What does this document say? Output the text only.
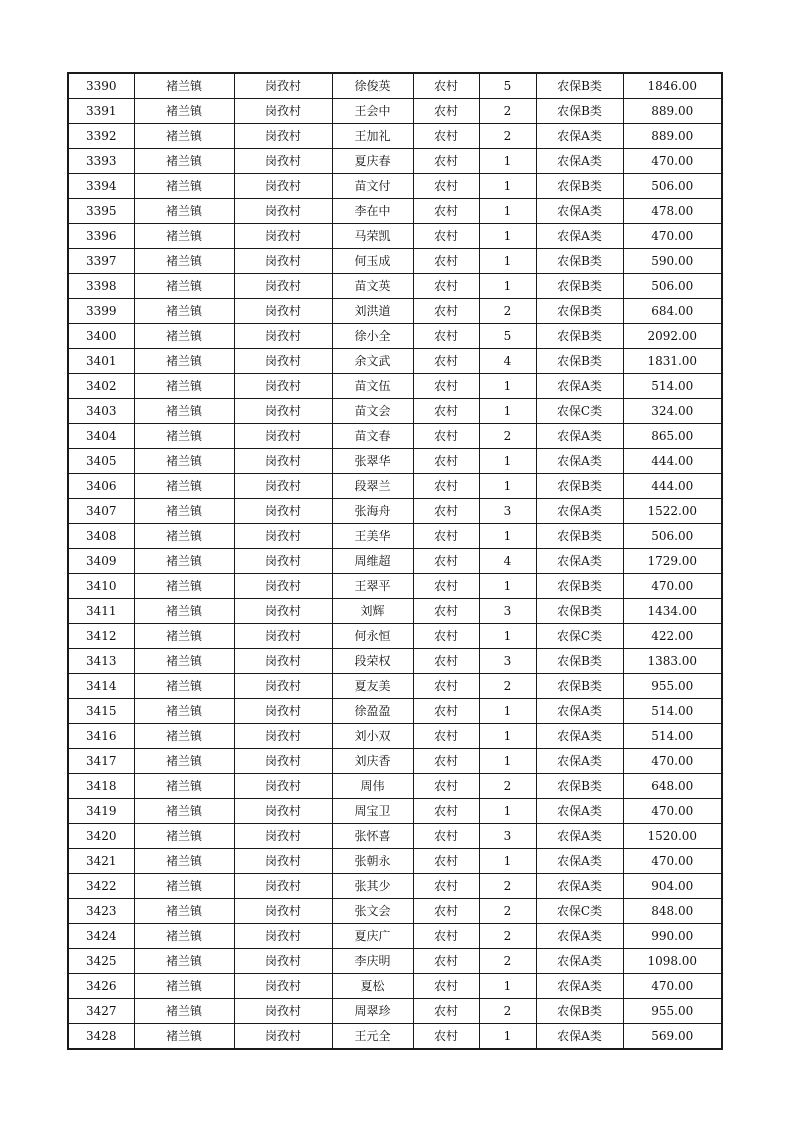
3390	褚兰镇	岗孜村	徐俊英	农村	5	农保B类	1846.00
3391	褚兰镇	岗孜村	王会中	农村	2	农保B类	889.00
3392	褚兰镇	岗孜村	王加礼	农村	2	农保A类	889.00
3393	褚兰镇	岗孜村	夏庆春	农村	1	农保A类	470.00
3394	褚兰镇	岗孜村	苗文付	农村	1	农保B类	506.00
3395	褚兰镇	岗孜村	李在中	农村	1	农保A类	478.00
3396	褚兰镇	岗孜村	马荣凯	农村	1	农保A类	470.00
3397	褚兰镇	岗孜村	何玉成	农村	1	农保B类	590.00
3398	褚兰镇	岗孜村	苗文英	农村	1	农保B类	506.00
3399	褚兰镇	岗孜村	刘洪道	农村	2	农保B类	684.00
3400	褚兰镇	岗孜村	徐小全	农村	5	农保B类	2092.00
3401	褚兰镇	岗孜村	余文武	农村	4	农保B类	1831.00
3402	褚兰镇	岗孜村	苗文伍	农村	1	农保A类	514.00
3403	褚兰镇	岗孜村	苗文会	农村	1	农保C类	324.00
3404	褚兰镇	岗孜村	苗文春	农村	2	农保A类	865.00
3405	褚兰镇	岗孜村	张翠华	农村	1	农保A类	444.00
3406	褚兰镇	岗孜村	段翠兰	农村	1	农保B类	444.00
3407	褚兰镇	岗孜村	张海舟	农村	3	农保A类	1522.00
3408	褚兰镇	岗孜村	王美华	农村	1	农保B类	506.00
3409	褚兰镇	岗孜村	周维超	农村	4	农保A类	1729.00
3410	褚兰镇	岗孜村	王翠平	农村	1	农保B类	470.00
3411	褚兰镇	岗孜村	刘辉	农村	3	农保B类	1434.00
3412	褚兰镇	岗孜村	何永恒	农村	1	农保C类	422.00
3413	褚兰镇	岗孜村	段荣权	农村	3	农保B类	1383.00
3414	褚兰镇	岗孜村	夏友美	农村	2	农保B类	955.00
3415	褚兰镇	岗孜村	徐盈盈	农村	1	农保A类	514.00
3416	褚兰镇	岗孜村	刘小双	农村	1	农保A类	514.00
3417	褚兰镇	岗孜村	刘庆香	农村	1	农保A类	470.00
3418	褚兰镇	岗孜村	周伟	农村	2	农保B类	648.00
3419	褚兰镇	岗孜村	周宝卫	农村	1	农保A类	470.00
3420	褚兰镇	岗孜村	张怀喜	农村	3	农保A类	1520.00
3421	褚兰镇	岗孜村	张朝永	农村	1	农保A类	470.00
3422	褚兰镇	岗孜村	张其少	农村	2	农保A类	904.00
3423	褚兰镇	岗孜村	张文会	农村	2	农保C类	848.00
3424	褚兰镇	岗孜村	夏庆广	农村	2	农保A类	990.00
3425	褚兰镇	岗孜村	李庆明	农村	2	农保A类	1098.00
3426	褚兰镇	岗孜村	夏松	农村	1	农保A类	470.00
3427	褚兰镇	岗孜村	周翠珍	农村	2	农保B类	955.00
3428	褚兰镇	岗孜村	王元全	农村	1	农保A类	569.00
